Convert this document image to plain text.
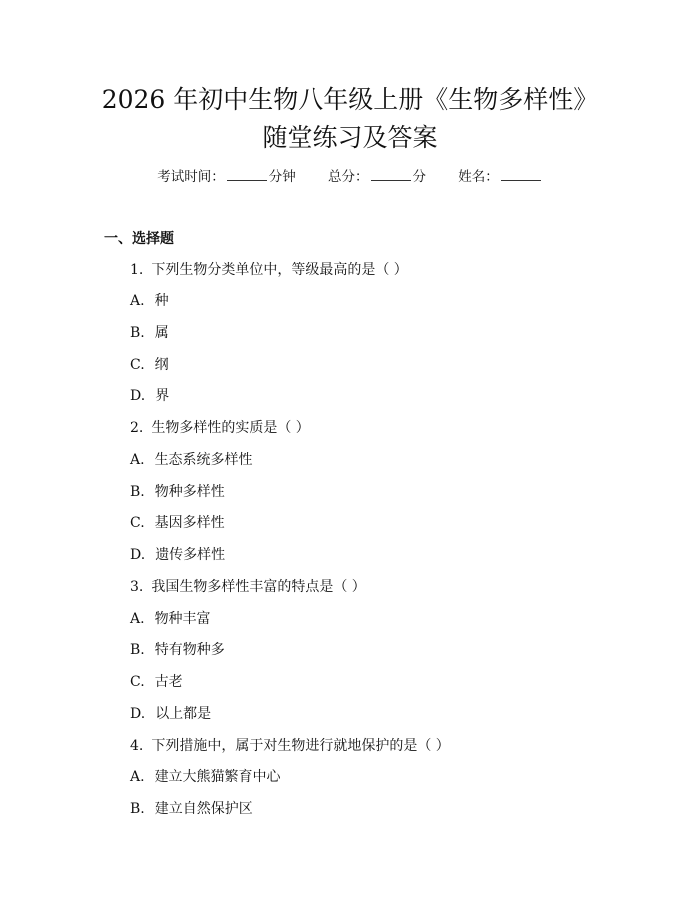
2026 年初中生物八年级上册《生物多样性》
随堂练习及答案
考试时间：	分钟 总分：	分 姓名：
一、选择题
1. 下列生物分类单位中，等级最高的是（ ）
A. 种
B. 属
C. 纲
D. 界
2. 生物多样性的实质是（ ）
A. 生态系统多样性
B. 物种多样性
C. 基因多样性
D. 遗传多样性
3. 我国生物多样性丰富的特点是（ ）
A. 物种丰富
B. 特有物种多
C. 古老
D. 以上都是
4. 下列措施中，属于对生物进行就地保护的是（ ）
A. 建立大熊猫繁育中心
B. 建立自然保护区
